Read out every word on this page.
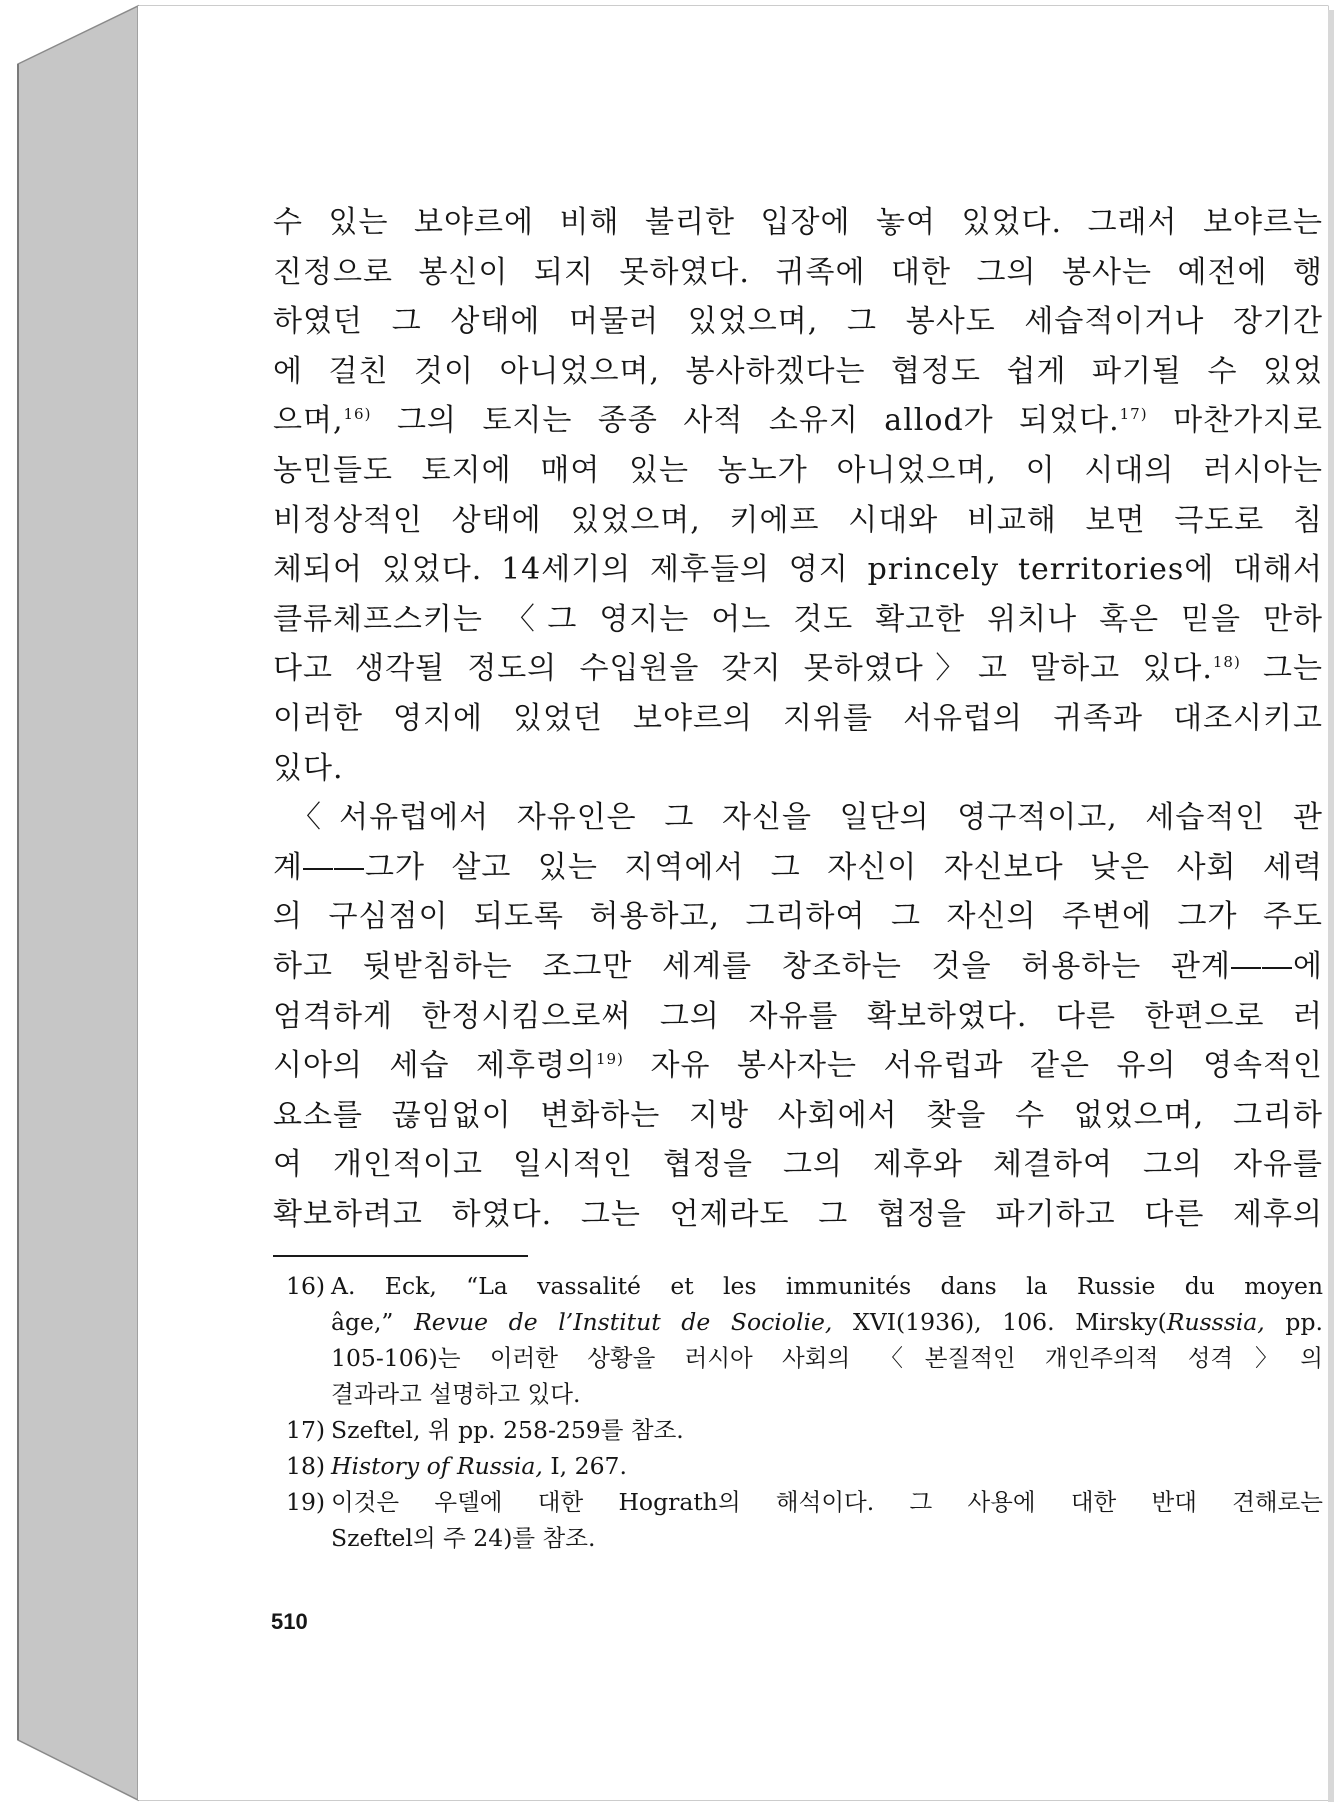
수 있는 보야르에 비해 불리한 입장에 놓여 있었다. 그래서 보야르는
진정으로 봉신이 되지 못하였다. 귀족에 대한 그의 봉사는 예전에 행
하였던 그 상태에 머물러 있었으며, 그 봉사도 세습적이거나 장기간
에 걸친 것이 아니었으며, 봉사하겠다는 협정도 쉽게 파기될 수 있었
으며,$^{16)}$ 그의 토지는 종종 사적 소유지 allod가 되었다.$^{17)}$ 마찬가지로
농민들도 토지에 매여 있는 농노가 아니었으며, 이 시대의 러시아는
비정상적인 상태에 있었으며, 키에프 시대와 비교해 보면 극도로 침
체되어 있었다. 14세기의 제후들의 영지 princely territories에 대해서
클류체프스키는 〈그 영지는 어느 것도 확고한 위치나 혹은 믿을 만하
다고 생각될 정도의 수입원을 갖지 못하였다〉고 말하고 있다.$^{18)}$ 그는
이러한 영지에 있었던 보야르의 지위를 서유럽의 귀족과 대조시키고
있다.
〈서유럽에서 자유인은 그 자신을 일단의 영구적이고, 세습적인 관
계――그가 살고 있는 지역에서 그 자신이 자신보다 낮은 사회 세력
의 구심점이 되도록 허용하고, 그리하여 그 자신의 주변에 그가 주도
하고 뒷받침하는 조그만 세계를 창조하는 것을 허용하는 관계――에
엄격하게 한정시킴으로써 그의 자유를 확보하였다. 다른 한편으로 러
시아의 세습 제후령의$^{19)}$ 자유 봉사자는 서유럽과 같은 유의 영속적인
요소를 끊임없이 변화하는 지방 사회에서 찾을 수 없었으며, 그리하
여 개인적이고 일시적인 협정을 그의 제후와 체결하여 그의 자유를
확보하려고 하였다. 그는 언제라도 그 협정을 파기하고 다른 제후의
16) A. Eck, “La vassalité et les immunités dans la Russie du moyen
âge,” Revue de l’Institut de Sociolie, XVI(1936), 106. Mirsky(Russsia, pp.
105-106)는 이러한 상황을 러시아 사회의 〈본질적인 개인주의적 성격〉의
결과라고 설명하고 있다.
17) Szeftel, 위 pp. 258-259를 참조.
18) History of Russia, I, 267.
19) 이것은 우델에 대한 Hograth의 해석이다. 그 사용에 대한 반대 견해로는
Szeftel의 주 24)를 참조.
510
